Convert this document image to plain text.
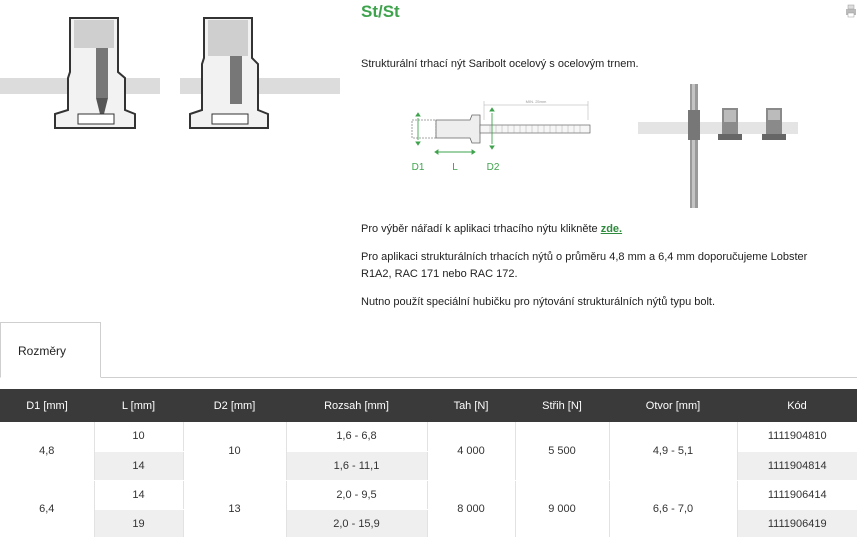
St/St
Strukturální trhací nýt Saribolt ocelový s ocelovým trnem.
MIN. 25mm
D1	L	D2
Pro výběr nářadí k aplikaci trhacího nýtu klikněte zde.
Pro aplikaci strukturálních trhacích nýtů o průměru 4,8 mm a 6,4 mm doporučujeme Lobster
R1A2, RAC 171 nebo RAC 172.
Nutno použít speciální hubičku pro nýtování strukturálních nýtů typu bolt.
Rozměry
D1 [mm]	L [mm]	D2 [mm]	Rozsah [mm]	Tah [N]	Střih [N]	Otvor [mm]	Kód
4,8	10	10	1,6 - 6,8	4 000	5 500	4,9 - 5,1	1111904810
	14		1,6 - 11,1				1111904814
6,4	14	13	2,0 - 9,5	8 000	9 000	6,6 - 7,0	1111906414
	19		2,0 - 15,9				1111906419
